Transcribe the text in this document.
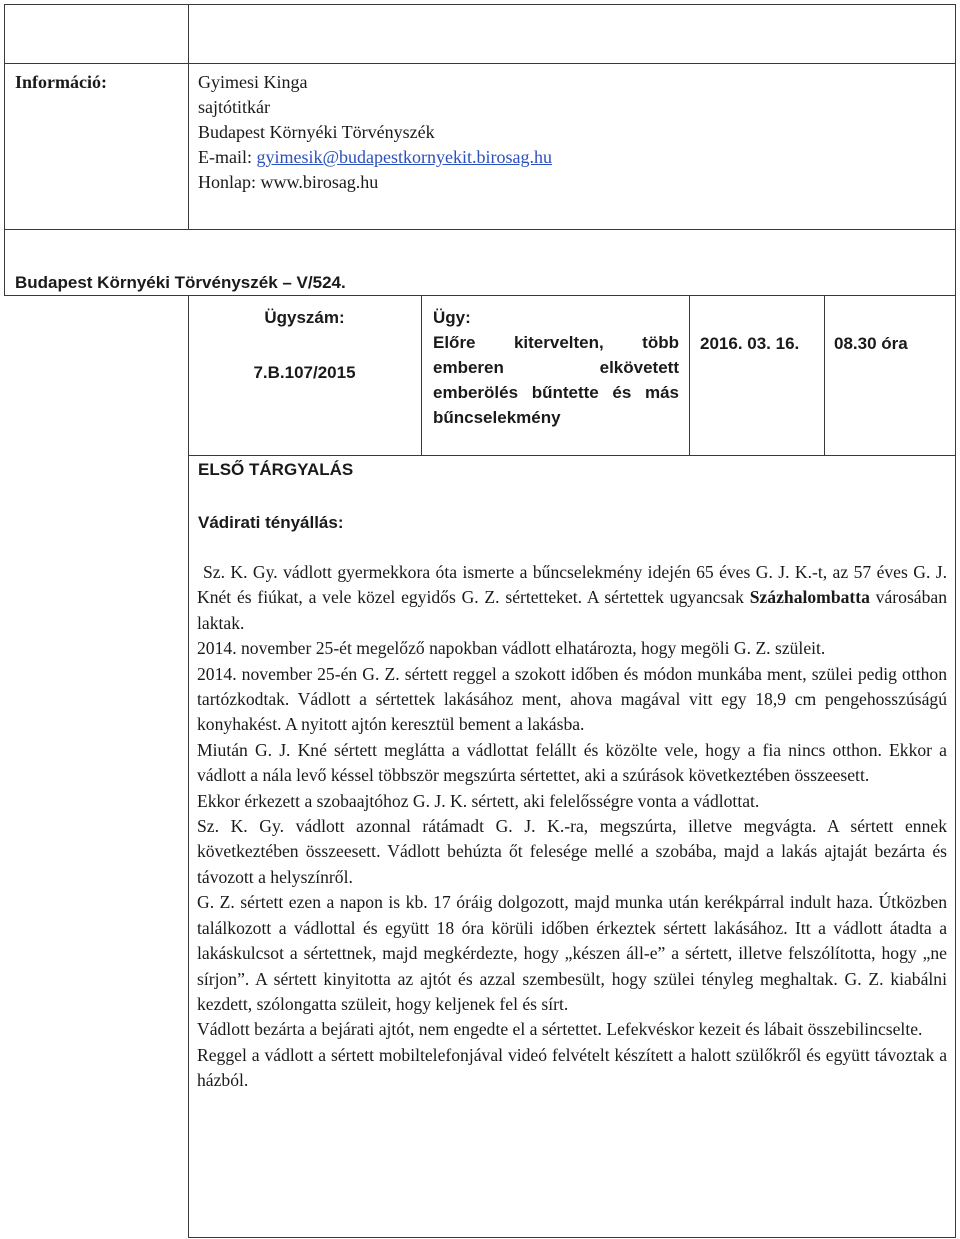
Információ:	Gyimesi Kinga

sajtótitkár

Budapest Környéki Törvényszék

E-mail: gyimesik@budapestkornyekit.birosag.hu

Honlap: www.birosag.hu

Budapest Környéki Törvényszék – V/524.

Ügyszám:

7.B.107/2015

Ügy:

Előre kitervelten, több

emberen elkövetett

emberölés bűntette és más

bűncselekmény

2016. 03. 16. 08.30 óra

ELSŐ TÁRGYALÁS

Vádirati tényállás:

Sz. K. Gy. vádlott gyermekkora óta ismerte a bűncselekmény idején 65 éves G. J. K.-t, az 57 éves G. J. Knét és fiúkat, a vele közel egyidős G. Z. sértetteket. A sértettek ugyancsak Százhalombatta városában laktak.

2014. november 25-ét megelőző napokban vádlott elhatározta, hogy megöli G. Z. szüleit.

2014. november 25-én G. Z. sértett reggel a szokott időben és módon munkába ment, szülei pedig otthon tartózkodtak. Vádlott a sértettek lakásához ment, ahova magával vitt egy 18,9 cm pengehosszúságú konyhakést. A nyitott ajtón keresztül bement a lakásba.

Miután G. J. Kné sértett meglátta a vádlottat felállt és közölte vele, hogy a fia nincs otthon. Ekkor a vádlott a nála levő késsel többször megszúrta sértettet, aki a szúrások következtében összeesett.

Ekkor érkezett a szobaajtóhoz G. J. K. sértett, aki felelősségre vonta a vádlottat.

Sz. K. Gy. vádlott azonnal rátámadt G. J. K.-ra, megszúrta, illetve megvágta. A sértett ennek következtében összeesett. Vádlott behúzta őt felesége mellé a szobába, majd a lakás ajtaját bezárta és távozott a helyszínről.

G. Z. sértett ezen a napon is kb. 17 óráig dolgozott, majd munka után kerékpárral indult haza. Útközben találkozott a vádlottal és együtt 18 óra körüli időben érkeztek sértett lakásához. Itt a vádlott átadta a lakáskulcsot a sértettnek, majd megkérdezte, hogy „készen áll-e” a sértett, illetve felszólította, hogy „ne sírjon”. A sértett kinyitotta az ajtót és azzal szembesült, hogy szülei tényleg meghaltak. G. Z. kiabálni kezdett, szólongatta szüleit, hogy keljenek fel és sírt.

Vádlott bezárta a bejárati ajtót, nem engedte el a sértettet. Lefekvéskor kezeit és lábait összebilincselte.

Reggel a vádlott a sértett mobiltelefonjával videó felvételt készített a halott szülőkről és együtt távoztak a házból.
